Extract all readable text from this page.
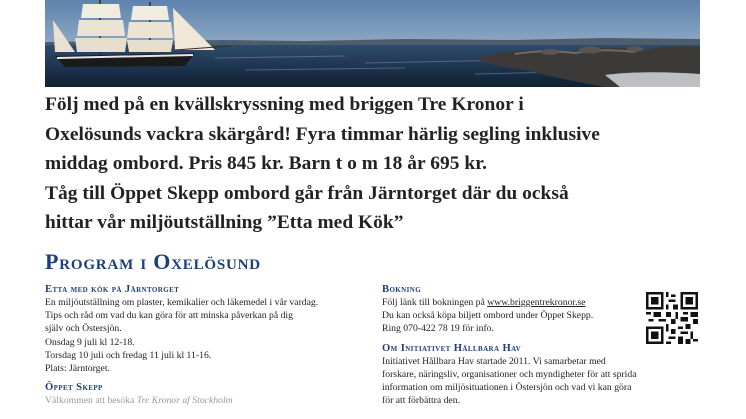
Följ med på en kvällskryssning med briggen Tre Kronor i

Oxelösunds vackra skärgård! Fyra timmar härlig segling inklusive

middag ombord. Pris 845 kr. Barn t o m 18 år 695 kr.

Tåg till Öppet Skepp ombord går från Järntorget där du också

hittar vår miljöutställning ”Etta med Kök”

Program i Oxelösund
Etta med kök på Järntorget
En miljöutställning om plaster, kemikalier och läkemedel i vår vardag.
Tips och råd om vad du kan göra för att minska påverkan på dig
själv och Östersjön.
Onsdag 9 juli kl 12-18.
Torsdag 10 juli och fredag 11 juli kl 11-16.
Plats: Järntorget.
Öppet Skepp
Välkommen att besöka Tre Kronor af Stockholm
Bokning
Följ länk till bokningen på www.briggentrekronor.se
Du kan också köpa biljett ombord under Öppet Skepp.
Ring 070-422 78 19 för info.
Om Initiativet Hållbara Hav
Initiativet Hållbara Hav startade 2011. Vi samarbetar med
forskare, näringsliv, organisationer och myndigheter för att sprida
information om miljösituationen i Östersjön och vad vi kan göra
för att förbättra den.
